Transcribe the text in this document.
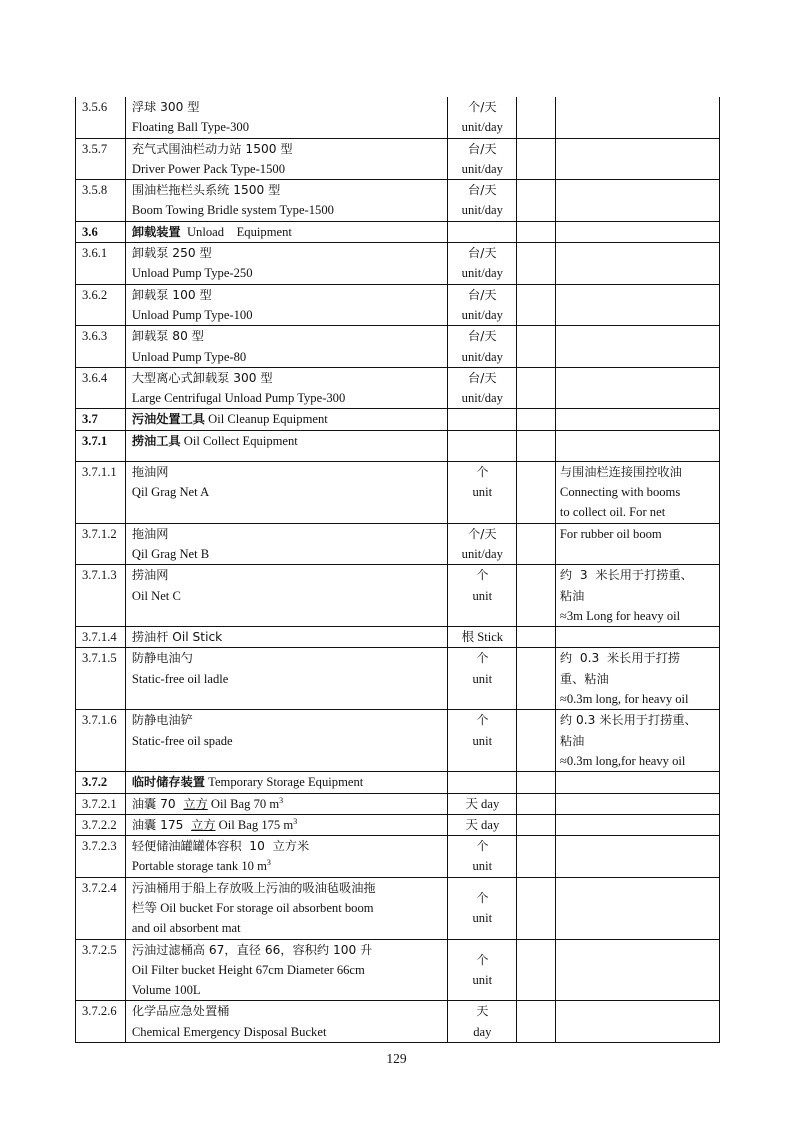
3.5.6	浮球 300 型
Floating Ball Type-300	个/天
unit/day		

3.5.7	充气式围油栏动力站 1500 型
Driver Power Pack Type-1500	台/天
unit/day		

3.5.8	围油栏拖栏头系统 1500 型
Boom Towing Bridle system Type-1500	台/天
unit/day		

3.6	卸载装置 Unload    Equipment			
3.6.1	卸载泵 250 型
Unload Pump Type-250	台/天
unit/day		

3.6.2	卸载泵 100 型
Unload Pump Type-100	台/天
unit/day		

3.6.3	卸载泵 80 型
Unload Pump Type-80	台/天
unit/day		

3.6.4	大型离心式卸载泵 300 型
Large Centrifugal Unload Pump Type-300	台/天
unit/day		

3.7	污油处置工具 Oil Cleanup Equipment			
3.7.1	捞油工具 Oil Collect Equipment			
3.7.1.1	拖油网
Qil Grag Net A	个
unit		与围油栏连接围控收油
Connecting with booms
to collect oil. For net

3.7.1.2	拖油网
Qil Grag Net B	个/天
unit/day		For rubber oil boom

3.7.1.3	捞油网
Oil Net C	个
unit		约  3  米长用于打捞重、
粘油
≈3m Long for heavy oil

3.7.1.4	捞油杆 Oil Stick	根 Stick		
3.7.1.5	防静电油勺
Static-free oil ladle	个
unit		约  0.3  米长用于打捞
重、粘油
≈0.3m long, for heavy oil

3.7.1.6	防静电油铲
Static-free oil spade	个
unit		约 0.3 米长用于打捞重、
粘油
≈0.3m long,for heavy oil

3.7.2	临时储存装置 Temporary Storage Equipment			
3.7.2.1	油囊 70  立方 Oil Bag 70 $m^3$	天 day		
3.7.2.2	油囊 175  立方 Oil Bag 175 $m^3$	天 day		
3.7.2.3	轻便储油罐罐体容积  10  立方米
Portable storage tank 10 $m^3$	个
unit		

3.7.2.4	污油桶用于船上存放吸上污油的吸油毡吸油拖
栏等 Oil bucket For storage oil absorbent boom
and oil absorbent mat	个
unit		

3.7.2.5	污油过滤桶高 67，直径 66，容积约 100 升
Oil Filter bucket Height 67cm Diameter 66cm
Volume 100L	个
unit		

3.7.2.6	化学品应急处置桶
Chemical Emergency Disposal Bucket	天
day		

129
